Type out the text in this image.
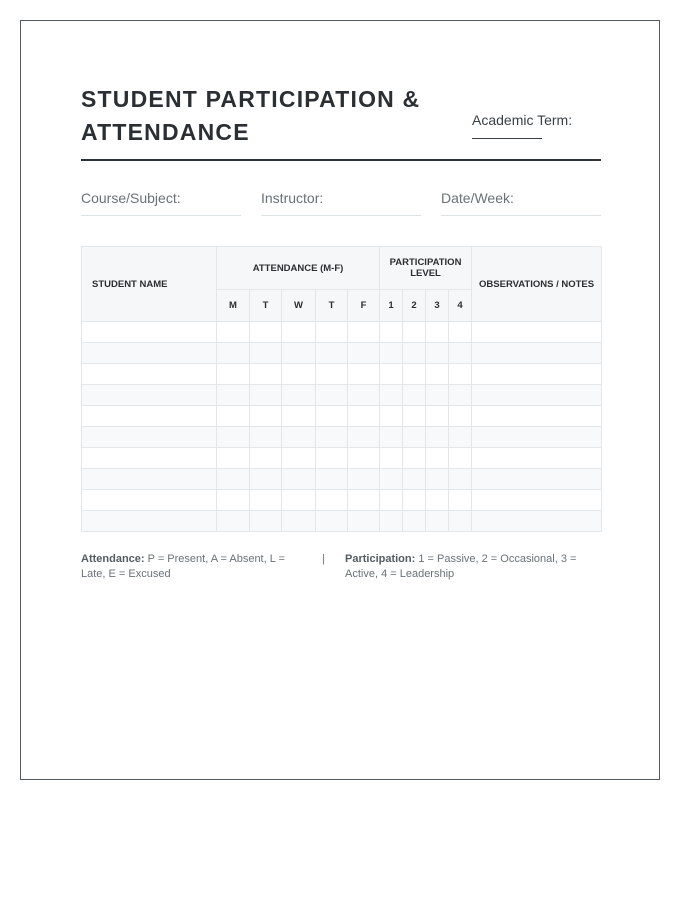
STUDENT PARTICIPATION & ATTENDANCE	Academic Term:
Course/Subject:	Instructor:	Date/Week:
STUDENT NAME	ATTENDANCE (M-F)					PARTICIPATION LEVEL				OBSERVATIONS / NOTES
	M	T	W	T	F	1	2	3	4	

Attendance: P = Present, A = Absent, L = Late, E = Excused
| Participation: 1 = Passive, 2 = Occasional, 3 = Active, 4 = Leadership
